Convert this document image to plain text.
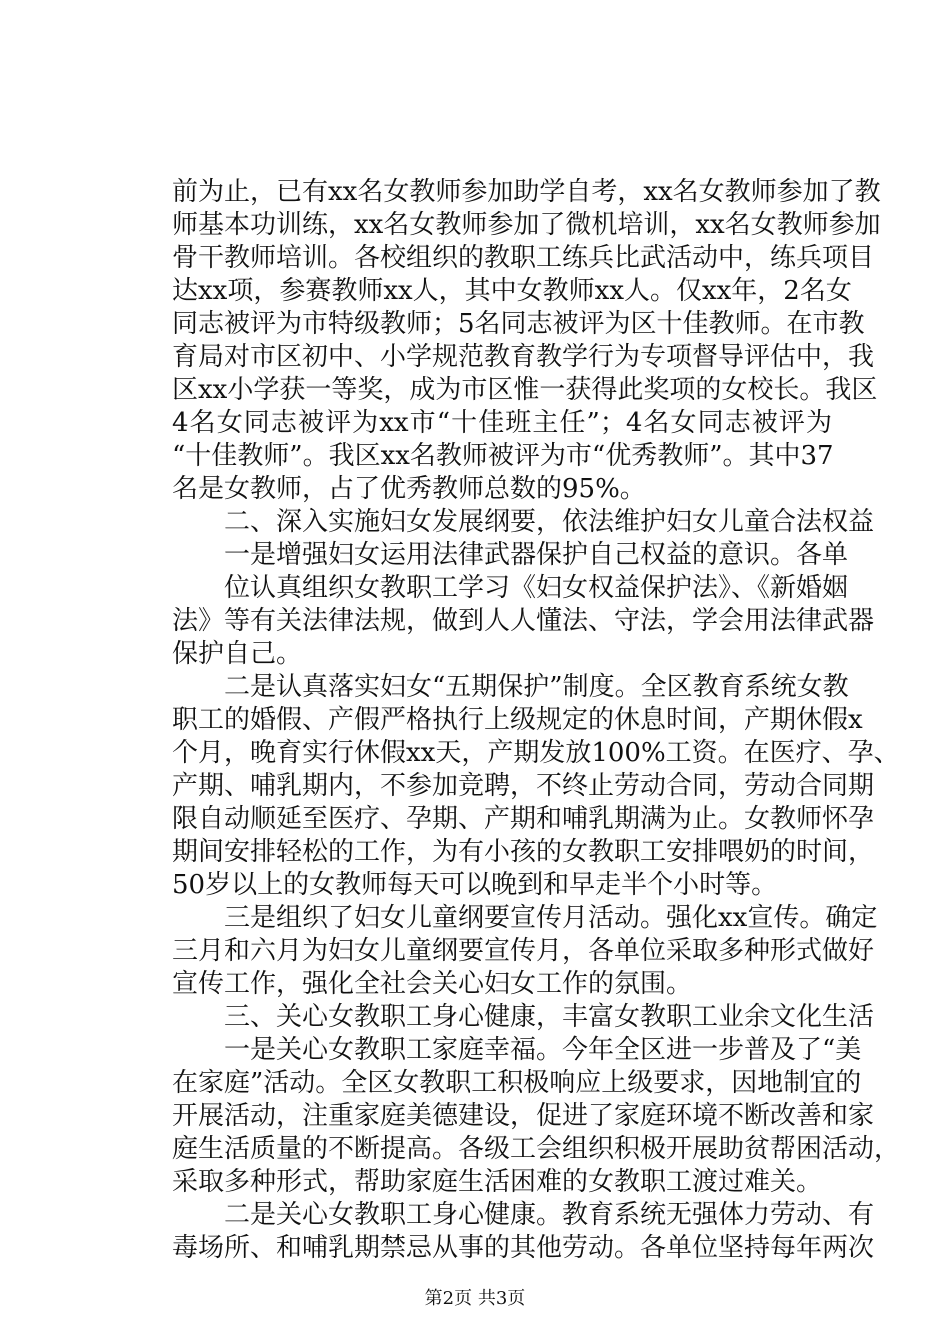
前为止，已有xx名女教师参加助学自考，xx名女教师参加了教
师基本功训练，xx名女教师参加了微机培训，xx名女教师参加
骨干教师培训。各校组织的教职工练兵比武活动中，练兵项目
达xx项，参赛教师xx人，其中女教师xx人。仅xx年，2名女
同志被评为市特级教师；5名同志被评为区十佳教师。在市教
育局对市区初中、小学规范教育教学行为专项督导评估中，我
区xx小学获一等奖，成为市区惟一获得此奖项的女校长。我区
4名女同志被评为xx市“十佳班主任”；4名女同志被评为
“十佳教师”。我区xx名教师被评为市“优秀教师”。其中37
名是女教师，占了优秀教师总数的95%。
二、深入实施妇女发展纲要，依法维护妇女儿童合法权益
一是增强妇女运用法律武器保护自己权益的意识。各单
位认真组织女教职工学习《妇女权益保护法》、《新婚姻
法》等有关法律法规，做到人人懂法、守法，学会用法律武器
保护自己。
二是认真落实妇女“五期保护”制度。全区教育系统女教
职工的婚假、产假严格执行上级规定的休息时间，产期休假x
个月，晚育实行休假xx天，产期发放100%工资。在医疗、孕、
产期、哺乳期内，不参加竞聘，不终止劳动合同，劳动合同期
限自动顺延至医疗、孕期、产期和哺乳期满为止。女教师怀孕
期间安排轻松的工作，为有小孩的女教职工安排喂奶的时间，
50岁以上的女教师每天可以晚到和早走半个小时等。
三是组织了妇女儿童纲要宣传月活动。强化xx宣传。确定
三月和六月为妇女儿童纲要宣传月，各单位采取多种形式做好
宣传工作，强化全社会关心妇女工作的氛围。
三、关心女教职工身心健康，丰富女教职工业余文化生活
一是关心女教职工家庭幸福。今年全区进一步普及了“美
在家庭”活动。全区女教职工积极响应上级要求，因地制宜的
开展活动，注重家庭美德建设，促进了家庭环境不断改善和家
庭生活质量的不断提高。各级工会组织积极开展助贫帮困活动，
采取多种形式，帮助家庭生活困难的女教职工渡过难关。
二是关心女教职工身心健康。教育系统无强体力劳动、有
毒场所、和哺乳期禁忌从事的其他劳动。各单位坚持每年两次
第2页 共3页
